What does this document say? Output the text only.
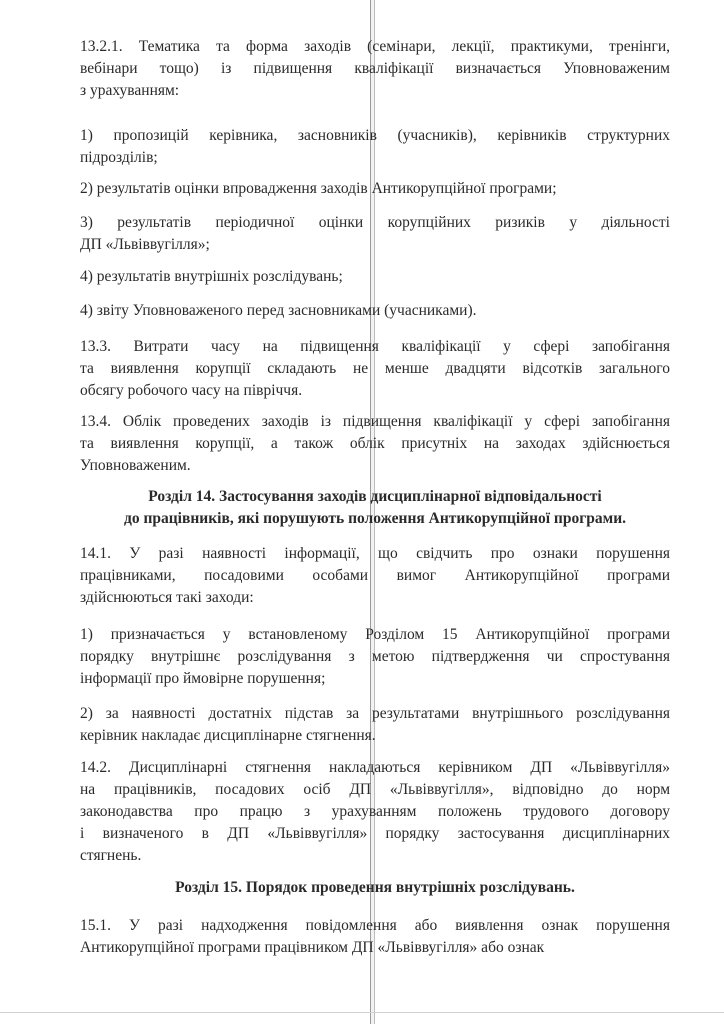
13.2.1. Тематика та форма заходів (семінари, лекції, практикуми, тренінги,
вебінари тощо) із підвищення кваліфікації визначається Уповноваженим
з урахуванням:
1) пропозицій керівника, засновників (учасників), керівників структурних
підрозділів;
2) результатів оцінки впровадження заходів Антикорупційної програми;
3) результатів періодичної оцінки корупційних ризиків у діяльності
ДП «Львіввугілля»;
4) результатів внутрішніх розслідувань;
4) звіту Уповноваженого перед засновниками (учасниками).
13.3. Витрати часу на підвищення кваліфікації у сфері запобігання
та виявлення корупції складають не менше двадцяти відсотків загального
обсягу робочого часу на півріччя.
13.4. Облік проведених заходів із підвищення кваліфікації у сфері запобігання
та виявлення корупції, а також облік присутніх на заходах здійснюється
Уповноваженим.
Розділ 14. Застосування заходів дисциплінарної відповідальності
до працівників, які порушують положення Антикорупційної програми.
14.1. У разі наявності інформації, що свідчить про ознаки порушення
працівниками, посадовими особами вимог Антикорупційної програми
здійснюються такі заходи:
1) призначається у встановленому Розділом 15 Антикорупційної програми
порядку внутрішнє розслідування з метою підтвердження чи спростування
інформації про ймовірне порушення;
2) за наявності достатніх підстав за результатами внутрішнього розслідування
керівник накладає дисциплінарне стягнення.
14.2. Дисциплінарні стягнення накладаються керівником ДП «Львіввугілля»
на працівників, посадових осіб ДП «Львіввугілля», відповідно до норм
законодавства про працю з урахуванням положень трудового договору
і визначеного в ДП «Львіввугілля» порядку застосування дисциплінарних
стягнень.
Розділ 15. Порядок проведення внутрішніх розслідувань.
15.1. У разі надходження повідомлення або виявлення ознак порушення
Антикорупційної програми працівником ДП «Львіввугілля» або ознак
